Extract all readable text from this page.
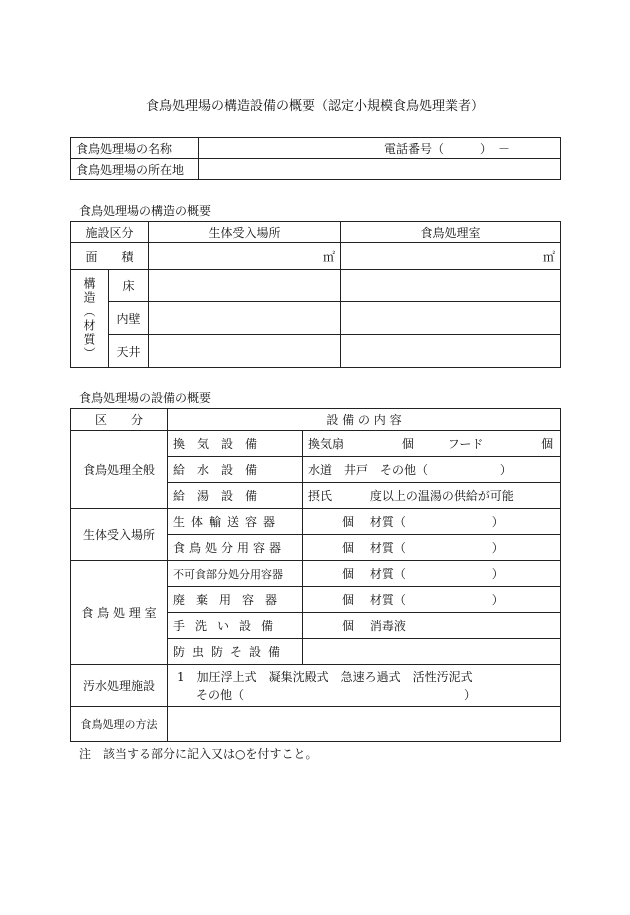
食鳥処理場の構造設備の概要（認定小規模食鳥処理業者）
食鳥処理場の名称	電話番号（　　　）　－
食鳥処理場の所在地	
食鳥処理場の構造の概要
施設区分		生体受入場所	食鳥処理室
面　　積		㎡	㎡
構造（材質）	床		
	内壁		
	天井		
食鳥処理場の設備の概要
区　　分	設 備 の 内 容	
食鳥処理全般	換気設備	換気扇 個 フード 個
	給水設備	水道　井戸　その他（ ）
	給湯設備	摂氏 度以上の温湯の供給が可能
生体受入場所	生体輸送容器	個 材質（ ）
	食鳥処分用容器	個 材質（ ）
食 鳥 処 理 室	不可食部分処分用容器	個 材質（ ）
	廃棄用容器	個 材質（ ）
	手洗い設備	個 消毒液
	防虫防そ設備	
汚水処理施設	1　加圧浮上式　凝集沈殿式　急速ろ過式　活性汚泥式
その他（ ）	

食鳥処理の方法		
注　該当する部分に記入又は○を付すこと。
